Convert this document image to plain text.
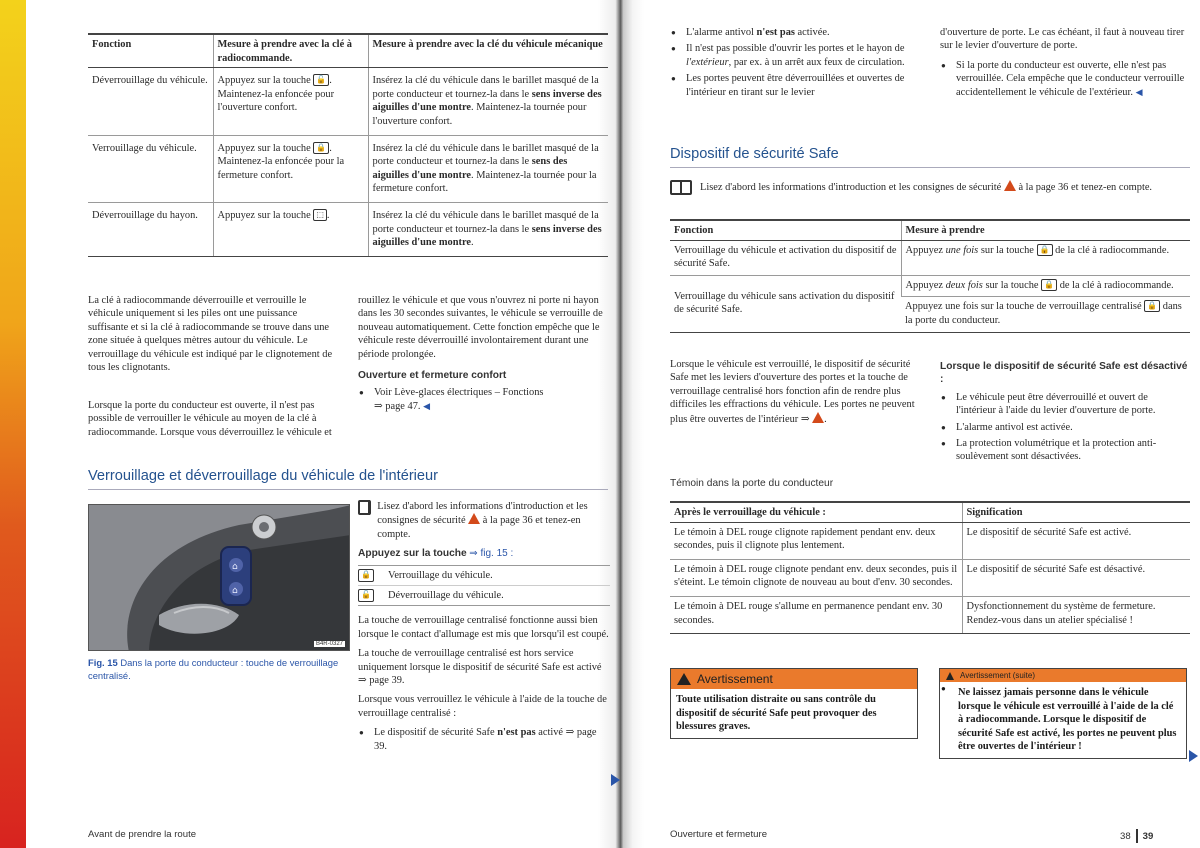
Fonction	Mesure à prendre avec la clé à radiocommande.	Mesure à prendre avec la clé du véhicule mécanique
Déverrouillage du véhicule.	Appuyez sur la touche 🔓 . Maintenez-la enfoncée pour l'ouverture confort.	Insérez la clé du véhicule dans le barillet masqué de la porte conducteur et tournez-la dans le sens inverse des aiguilles d'une montre. Maintenez-la tournée pour l'ouverture confort.
Verrouillage du véhicule.	Appuyez sur la touche 🔒 . Maintenez-la enfoncée pour la fermeture confort.	Insérez la clé du véhicule dans le barillet masqué de la porte conducteur et tournez-la dans le sens des aiguilles d'une montre. Maintenez-la tournée pour la fermeture confort.
Déverrouillage du hayon.	Appuyez sur la touche ⬚ .	Insérez la clé du véhicule dans le barillet masqué de la porte conducteur et tournez-la dans le sens inverse des aiguilles d'une montre.

La clé à radiocommande déverrouille et verrouille le véhicule uniquement si les piles ont une puissance suffisante et si la clé à radiocommande se trouve dans une zone située à quelques mètres autour du véhicule. Le verrouillage du véhicule est indiqué par le clignotement de tous les clignotants.

Lorsque la porte du conducteur est ouverte, il n'est pas possible de verrouiller le véhicule au moyen de la clé à radiocommande. Lorsque vous déverrouillez le véhicule et

rouillez le véhicule et que vous n'ouvrez ni porte ni hayon dans les 30 secondes suivantes, le véhicule se verrouille de nouveau automatiquement. Cette fonction empêche que le véhicule reste déverrouillé involontairement durant une période prolongée.

Ouverture et fermeture confort
● Voir Lève-glaces électriques – Fonctions
⇒ page 47. ◀
Verrouillage et déverrouillage du véhicule de l'intérieur
⌂
⌂
B4R-0327
Fig. 15 Dans la porte du conducteur : touche de verrouillage centralisé.
Lisez d'abord les informations d'introduction et les consignes de sécurité à la page 36 et tenez-en compte.
Appuyez sur la touche ⇒ fig. 15 :
🔒 Verrouillage du véhicule.
🔓 Déverrouillage du véhicule.

La touche de verrouillage centralisé fonctionne aussi bien lorsque le contact d'allumage est mis que lorsqu'il est coupé.

La touche de verrouillage centralisé est hors service uniquement lorsque le dispositif de sécurité Safe est activé ⇒ page 39.

Lorsque vous verrouillez le véhicule à l'aide de la touche de verrouillage centralisé :

● Le dispositif de sécurité Safe n'est pas activé ⇒ page 39.
Avant de prendre la route
● L'alarme antivol n'est pas activée.
● Il n'est pas possible d'ouvrir les portes et le hayon de l'extérieur, par ex. à un arrêt aux feux de circulation.
● Les portes peuvent être déverrouillées et ouvertes de l'intérieur en tirant sur le levier

d'ouverture de porte. Le cas échéant, il faut à nouveau tirer sur le levier d'ouverture de porte.

● Si la porte du conducteur est ouverte, elle n'est pas verrouillée. Cela empêche que le conducteur verrouille accidentellement le véhicule de l'extérieur. ◀
Dispositif de sécurité Safe
Lisez d'abord les informations d'introduction et les consignes de sécurité à la page 36 et tenez-en compte.
Fonction	Mesure à prendre
Verrouillage du véhicule et activation du dispositif de sécurité Safe.	Appuyez une fois sur la touche 🔒 de la clé à radiocommande.
Verrouillage du véhicule sans activation du dispositif de sécurité Safe.	Appuyez deux fois sur la touche 🔒 de la clé à radiocommande.
	Appuyez une fois sur la touche de verrouillage centralisé 🔒 dans la porte du conducteur.

Lorsque le véhicule est verrouillé, le dispositif de sécurité Safe met les leviers d'ouverture des portes et la touche de verrouillage centralisé hors fonction afin de rendre plus difficiles les effractions du véhicule. Les portes ne peuvent plus être ouvertes de l'intérieur ⇒ .

Lorsque le dispositif de sécurité Safe est désactivé :
● Le véhicule peut être déverrouillé et ouvert de l'intérieur à l'aide du levier d'ouverture de porte.
● L'alarme antivol est activée.
● La protection volumétrique et la protection anti-soulèvement sont désactivées.
Témoin dans la porte du conducteur
Après le verrouillage du véhicule :	Signification
Le témoin à DEL rouge clignote rapidement pendant env. deux secondes, puis il clignote plus lentement.	Le dispositif de sécurité Safe est activé.
Le témoin à DEL rouge clignote pendant env. deux secondes, puis il s'éteint. Le témoin clignote de nouveau au bout d'env. 30 secondes.	Le dispositif de sécurité Safe est désactivé.
Le témoin à DEL rouge s'allume en permanence pendant env. 30 secondes.	Dysfonctionnement du système de fermeture. Rendez-vous dans un atelier spécialisé !
Avertissement
Toute utilisation distraite ou sans contrôle du dispositif de sécurité Safe peut provoquer des blessures graves.
Avertissement (suite)
● Ne laissez jamais personne dans le véhicule lorsque le véhicule est verrouillé à l'aide de la clé à radiocommande. Lorsque le dispositif de sécurité Safe est activé, les portes ne peuvent plus être ouvertes de l'intérieur !
Ouverture et fermeture	38 39
